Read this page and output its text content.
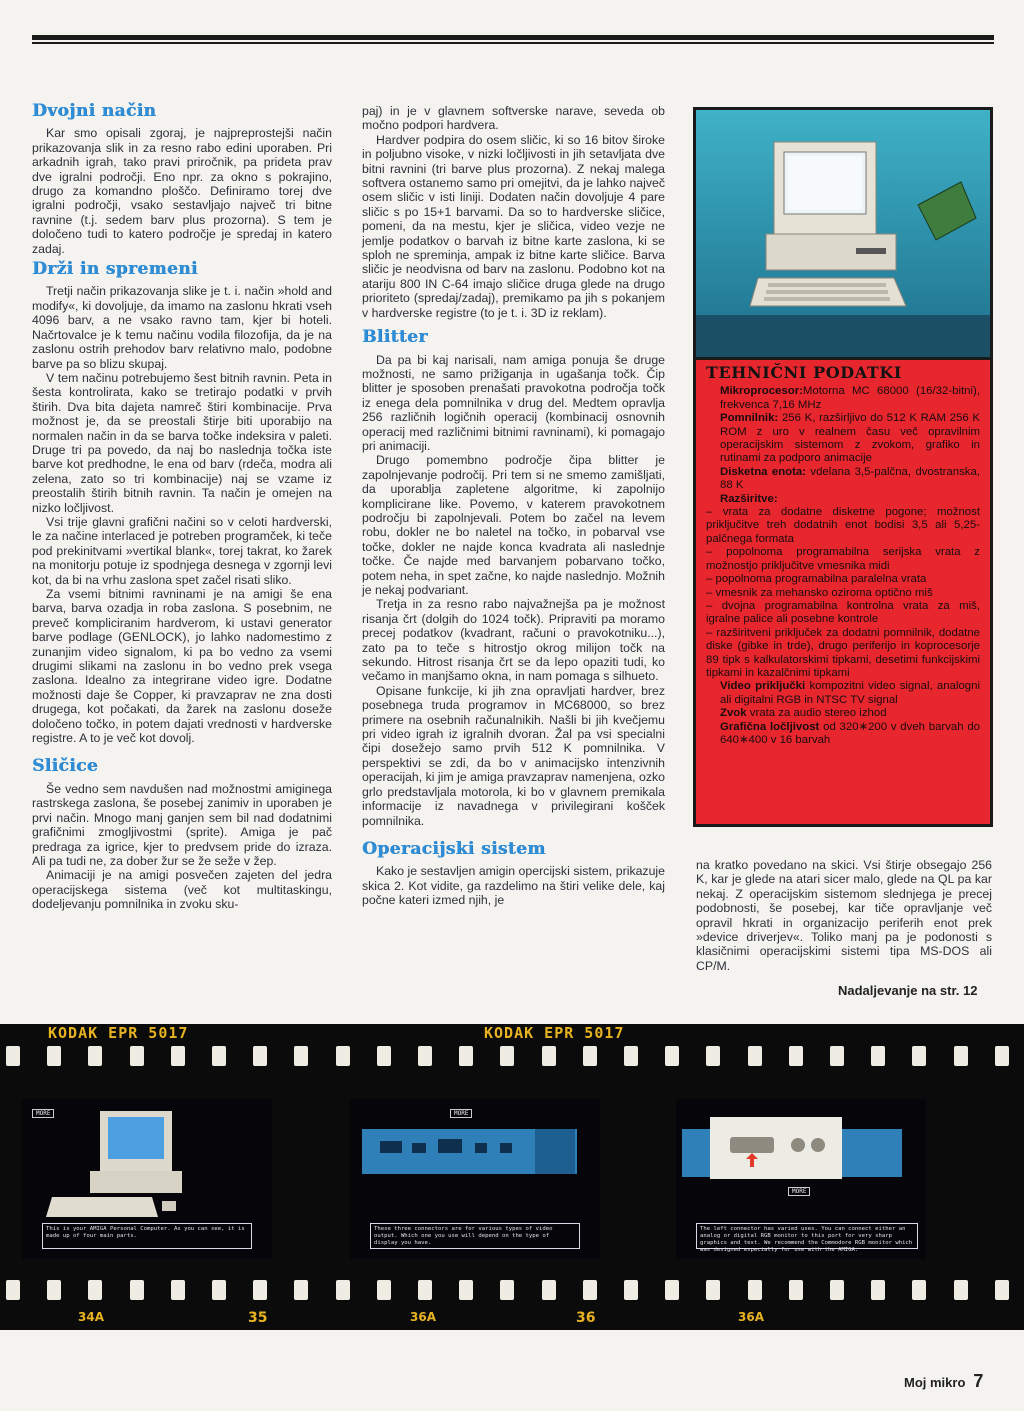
Dvojni način

Kar smo opisali zgoraj, je najpreprostejši način prikazovanja slik in za resno rabo edini uporaben. Pri arkadnih igrah, tako pravi priročnik, pa prideta prav dve igralni področji. Eno npr. za okno s pokrajino, drugo za komandno ploščo. Definiramo torej dve igralni področji, vsako sestavljajo največ tri bitne ravnine (t.j. sedem barv plus prozorna). S tem je določeno tudi to katero področje je spredaj in katero zadaj.

Drži in spremeni

Tretji način prikazovanja slike je t. i. način »hold and modify«, ki dovoljuje, da imamo na zaslonu hkrati vseh 4096 barv, a ne vsako ravno tam, kjer bi hoteli. Načrtovalce je k temu načinu vodila filozofija, da je na zaslonu ostrih prehodov barv relativno malo, podobne barve pa so blizu skupaj.

V tem načinu potrebujemo šest bitnih ravnin. Peta in šesta kontrolirata, kako se tretirajo podatki v prvih štirih. Dva bita dajeta namreč štiri kombinacije. Prva možnost je, da se preostali štirje biti uporabijo na normalen način in da se barva točke indeksira v paleti. Druge tri pa povedo, da naj bo naslednja točka iste barve kot predhodne, le ena od barv (rdeča, modra ali zelena, zato so tri kombinacije) naj se vzame iz preostalih štirih bitnih ravnin. Ta način je omejen na nizko ločljivost.

Vsi trije glavni grafični načini so v celoti hardverski, le za načine interlaced je potreben programček, ki teče pod prekinitvami »vertikal blank«, torej takrat, ko žarek na monitorju potuje iz spodnjega desnega v zgornji levi kot, da bi na vrhu zaslona spet začel risati sliko.

Za vsemi bitnimi ravninami je na amigi še ena barva, barva ozadja in roba zaslona. S posebnim, ne preveč kompliciranim hardverom, ki ustavi generator barve podlage (GENLOCK), jo lahko nadomestimo z zunanjim video signalom, ki pa bo vedno za vsemi drugimi slikami na zaslonu in bo vedno prek vsega zaslona. Idealno za integrirane video igre. Dodatne možnosti daje še Copper, ki pravzaprav ne zna dosti drugega, kot počakati, da žarek na zaslonu doseže določeno točko, in potem dajati vrednosti v hardverske registre. A to je več kot dovolj.

Sličice

Še vedno sem navdušen nad možnostmi amiginega rastrskega zaslona, še posebej zanimiv in uporaben je prvi način. Mnogo manj ganjen sem bil nad dodatnimi grafičnimi zmogljivostmi (sprite). Amiga je pač predraga za igrice, kjer to predvsem pride do izraza. Ali pa tudi ne, za dober žur se že seže v žep.

Animaciji je na amigi posvečen zajeten del jedra operacijskega sistema (več kot multitaskingu, dodeljevanju pomnilnika in zvoku sku-

paj) in je v glavnem softverske narave, seveda ob močno podpori hardvera.

Hardver podpira do osem sličic, ki so 16 bitov široke in poljubno visoke, v nizki ločljivosti in jih setavljata dve bitni ravnini (tri barve plus prozorna). Z nekaj malega softvera ostanemo samo pri omejitvi, da je lahko največ osem sličic v isti liniji. Dodaten način dovoljuje 4 pare sličic s po 15+1 barvami. Da so to hardverske sličice, pomeni, da na mestu, kjer je sličica, video vezje ne jemlje podatkov o barvah iz bitne karte zaslona, ki se sploh ne spreminja, ampak iz bitne karte sličice. Barva sličic je neodvisna od barv na zaslonu. Podobno kot na atariju 800 IN C-64 imajo sličice druga glede na drugo prioriteto (spredaj/zadaj), premikamo pa jih s pokanjem v hardverske registre (to je t. i. 3D iz reklam).

Blitter

Da pa bi kaj narisali, nam amiga ponuja še druge možnosti, ne samo prižiganja in ugašanja točk. Čip blitter je sposoben prenašati pravokotna področja točk iz enega dela pomnilnika v drug del. Medtem opravlja 256 različnih logičnih operacij (kombinacij osnovnih operacij med različnimi bitnimi ravninami), ki pomagajo pri animaciji.

Drugo pomembno področje čipa blitter je zapolnjevanje področij. Pri tem si ne smemo zamišljati, da uporablja zapletene algoritme, ki zapolnijo komplicirane like. Povemo, v katerem pravokotnem področju bi zapolnjevali. Potem bo začel na levem robu, dokler ne bo naletel na točko, in pobarval vse točke, dokler ne najde konca kvadrata ali naslednje točke. Če najde med barvanjem pobarvano točko, potem neha, in spet začne, ko najde naslednjo. Možnih je nekaj podvariant.

Tretja in za resno rabo najvažnejša pa je možnost risanja črt (dolgih do 1024 točk). Pripraviti pa moramo precej podatkov (kvadrant, računi o pravokotniku...), zato pa to teče s hitrostjo okrog milijon točk na sekundo. Hitrost risanja črt se da lepo opaziti tudi, ko večamo in manjšamo okna, in nam pomaga s silhueto.

Opisane funkcije, ki jih zna opravljati hardver, brez posebnega truda programov in MC68000, so brez primere na osebnih računalnikih. Našli bi jih kvečjemu pri video igrah iz igralnih dvoran. Žal pa vsi specialni čipi dosežejo samo prvih 512 K pomnilnika. V perspektivi se zdi, da bo v animacijsko intenzivnih operacijah, ki jim je amiga pravzaprav namenjena, ozko grlo predstavljala motorola, ki bo v glavnem premikala informacije iz navadnega v privilegirani košček pomnilnika.

Operacijski sistem

Kako je sestavljen amigin opercijski sistem, prikazuje skica 2. Kot vidite, ga razdelimo na štiri velike dele, kaj počne kateri izmed njih, je

TEHNIČNI PODATKI

Mikroprocesor:Motorna MC 68000 (16/32-bitni), frekvenca 7,16 MHz

Pomnilnik: 256 K, razširljivo do 512 K RAM 256 K ROM z uro v realnem času več opravilnim operacijskim sistemom z zvokom, grafiko in rutinami za podporo animacije

Disketna enota: vdelana 3,5-palčna, dvostranska, 88 K

Razširitve:

– vrata za dodatne disketne pogone; možnost priključitve treh dodatnih enot bodisi 3,5 ali 5,25-palčnega formata

– popolnoma programabilna serijska vrata z možnostjo priključitve vmesnika midi

– popolnoma programabilna paralelna vrata

– vmesnik za mehansko oziroma optično miš

– dvojna programabilna kontrolna vrata za miš, igralne palice ali posebne kontrole

– razširitveni priključek za dodatni pomnilnik, dodatne diske (gibke in trde), drugo periferijo in koprocesorje 89 tipk s kalkulatorskimi tipkami, desetimi funkcijskimi tipkami in kazalčnimi tipkami

Video priključki kompozitni video signal, analogni ali digitalni RGB in NTSC TV signal

Zvok vrata za audio stereo izhod

Grafična ločljivost od 320∗200 v dveh barvah do 640∗400 v 16 barvah

na kratko povedano na skici. Vsi štirje obsegajo 256 K, kar je glede na atari sicer malo, glede na QL pa kar nekaj. Z operacijskim sistemom slednjega je precej podobnosti, še posebej, kar tiče opravljanje več opravil hkrati in organizacijo periferih enot prek »device driverjev«. Toliko manj pa je podonosti s klasičnimi operacijskimi sistemi tipa MS-DOS ali CP/M.

Nadaljevanje na str. 12
KODAK EPR 5017	KODAK EPR 5017
MORE
This is your AMIGA Personal Computer. As you can see, it is made up of four main parts.
MORE
These three connectors are for various types of video output. Which one you use will depend on the type of display you have.
MORE
The left connector has varied uses. You can connect either an analog or digital RGB monitor to this port for very sharp graphics and text. We recommend the Commodore RGB monitor which was designed especially for use with the AMIGA.
34A	35	36A	36	36A
Moj mikro 7
